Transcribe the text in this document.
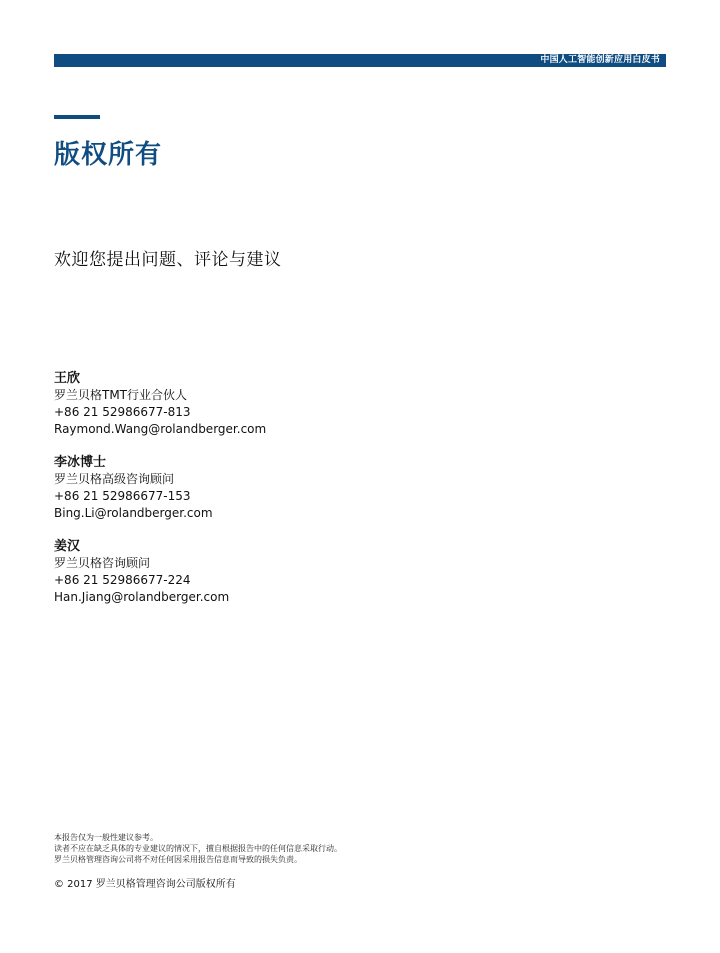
中国人工智能创新应用白皮书
版权所有
欢迎您提出问题、评论与建议
王欣
罗兰贝格TMT行业合伙人
+86 21 52986677-813
Raymond.Wang@rolandberger.com
李冰博士
罗兰贝格高级咨询顾问
+86 21 52986677-153
Bing.Li@rolandberger.com
姜汉
罗兰贝格咨询顾问
+86 21 52986677-224
Han.Jiang@rolandberger.com
本报告仅为一般性建议参考。
读者不应在缺乏具体的专业建议的情况下，擅自根据报告中的任何信息采取行动。
罗兰贝格管理咨询公司将不对任何因采用报告信息而导致的损失负责。
© 2017 罗兰贝格管理咨询公司版权所有
